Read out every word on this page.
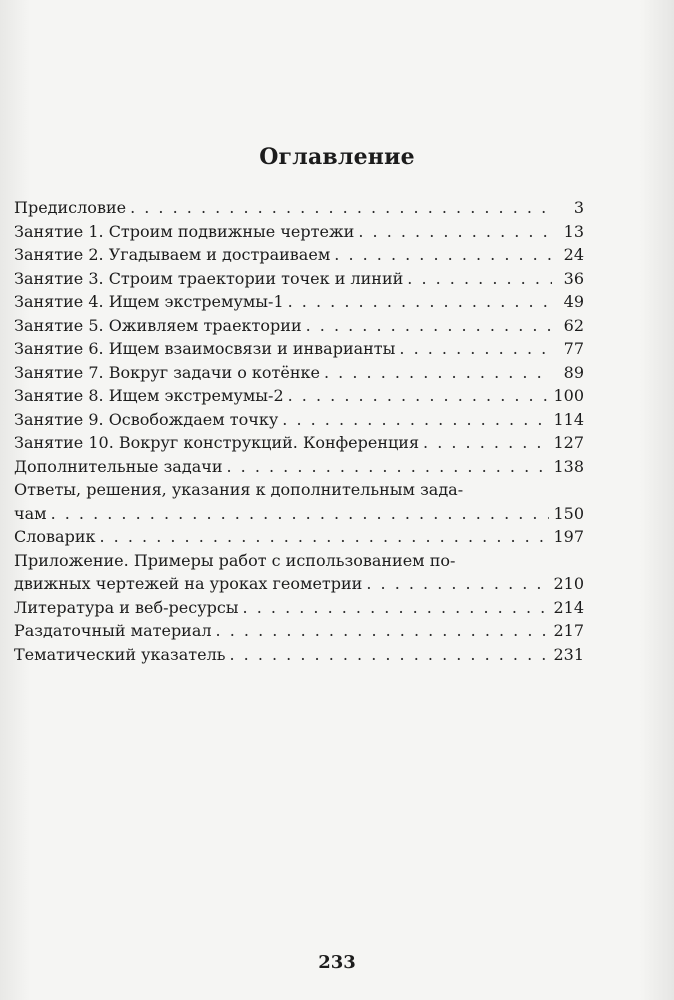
Оглавление
Предисловие . . .	3
Занятие 1. Строим подвижные чертежи . . .	13
Занятие 2. Угадываем и достраиваем . . .	24
Занятие 3. Строим траектории точек и линий . . .	36
Занятие 4. Ищем экстремумы-1 . . .	49
Занятие 5. Оживляем траектории . . .	62
Занятие 6. Ищем взаимосвязи и инварианты . . .	77
Занятие 7. Вокруг задачи о котёнке . . .	89
Занятие 8. Ищем экстремумы-2 . . .	100
Занятие 9. Освобождаем точку . . .	114
Занятие 10. Вокруг конструкций. Конференция . . .	127
Дополнительные задачи . . .	138
Ответы, решения, указания к дополнительным зада-
чам . . .	150
Словарик . . .	197
Приложение. Примеры работ с использованием по-
движных чертежей на уроках геометрии . . .	210
Литература и веб-ресурсы . . .	214
Раздаточный материал . . .	217
Тематический указатель . . .	231
233
